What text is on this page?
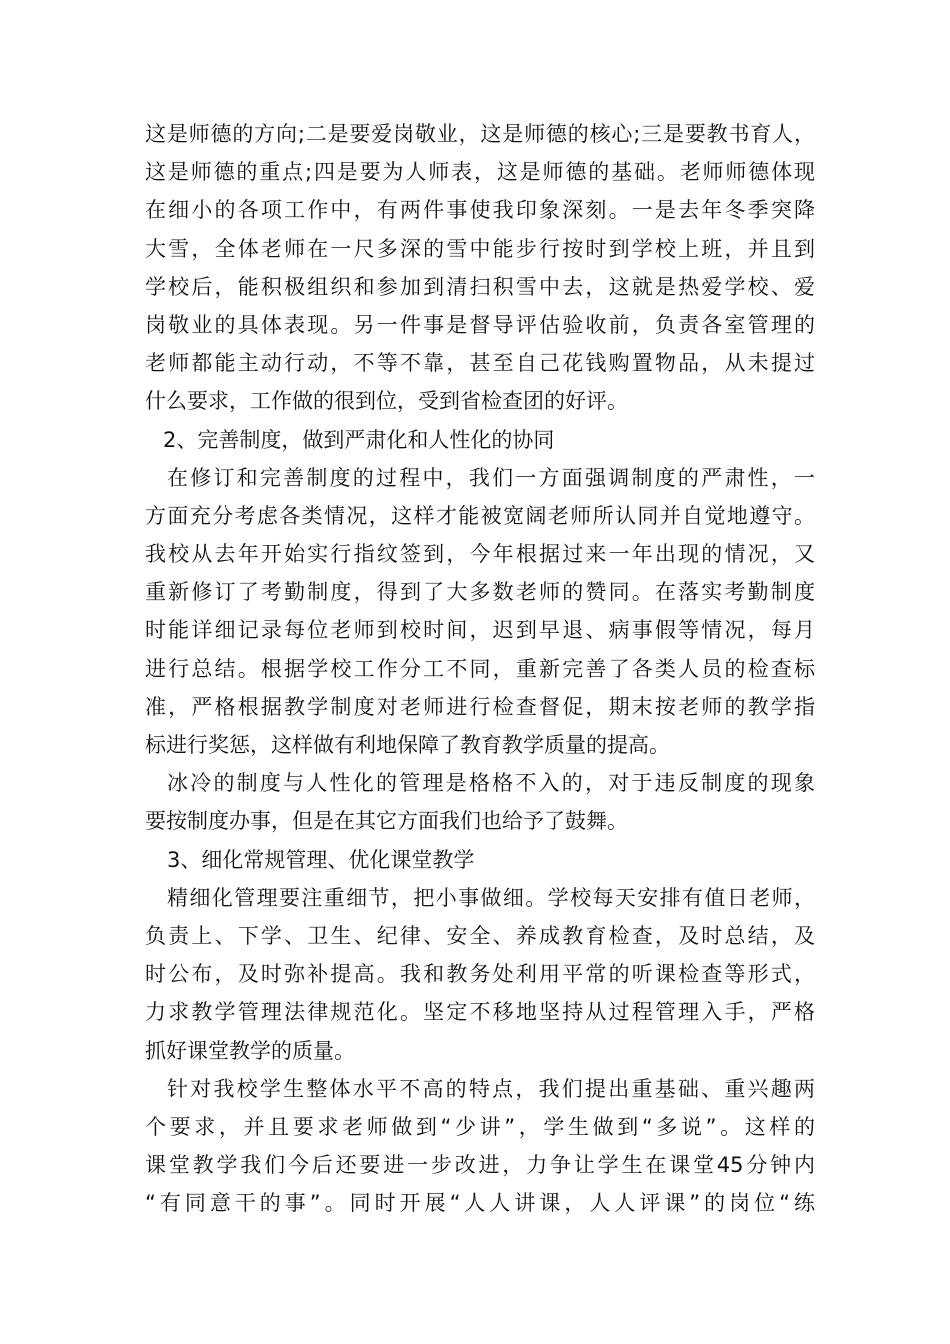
这是师德的方向;二是要爱岗敬业，这是师德的核心;三是要教书育人，
这是师德的重点;四是要为人师表，这是师德的基础。老师师德体现
在细小的各项工作中，有两件事使我印象深刻。一是去年冬季突降
大雪，全体老师在一尺多深的雪中能步行按时到学校上班，并且到
学校后，能积极组织和参加到清扫积雪中去，这就是热爱学校、爱
岗敬业的具体表现。另一件事是督导评估验收前，负责各室管理的
老师都能主动行动，不等不靠，甚至自己花钱购置物品，从未提过
什么要求，工作做的很到位，受到省检查团的好评。
2、完善制度，做到严肃化和人性化的协同
在修订和完善制度的过程中，我们一方面强调制度的严肃性，一
方面充分考虑各类情况，这样才能被宽阔老师所认同并自觉地遵守。
我校从去年开始实行指纹签到，今年根据过来一年出现的情况，又
重新修订了考勤制度，得到了大多数老师的赞同。在落实考勤制度
时能详细记录每位老师到校时间，迟到早退、病事假等情况，每月
进行总结。根据学校工作分工不同，重新完善了各类人员的检查标
准，严格根据教学制度对老师进行检查督促，期末按老师的教学指
标进行奖惩，这样做有利地保障了教育教学质量的提高。
冰冷的制度与人性化的管理是格格不入的，对于违反制度的现象
要按制度办事，但是在其它方面我们也给予了鼓舞。
3、细化常规管理、优化课堂教学
精细化管理要注重细节，把小事做细。学校每天安排有值日老师，
负责上、下学、卫生、纪律、安全、养成教育检查，及时总结，及
时公布，及时弥补提高。我和教务处利用平常的听课检查等形式，
力求教学管理法律规范化。坚定不移地坚持从过程管理入手，严格
抓好课堂教学的质量。
针对我校学生整体水平不高的特点，我们提出重基础、重兴趣两
个要求，并且要求老师做到“少讲”，学生做到“多说”。这样的
课堂教学我们今后还要进一步改进，力争让学生在课堂45分钟内
“有同意干的事”。同时开展“人人讲课，人人评课”的岗位“练
